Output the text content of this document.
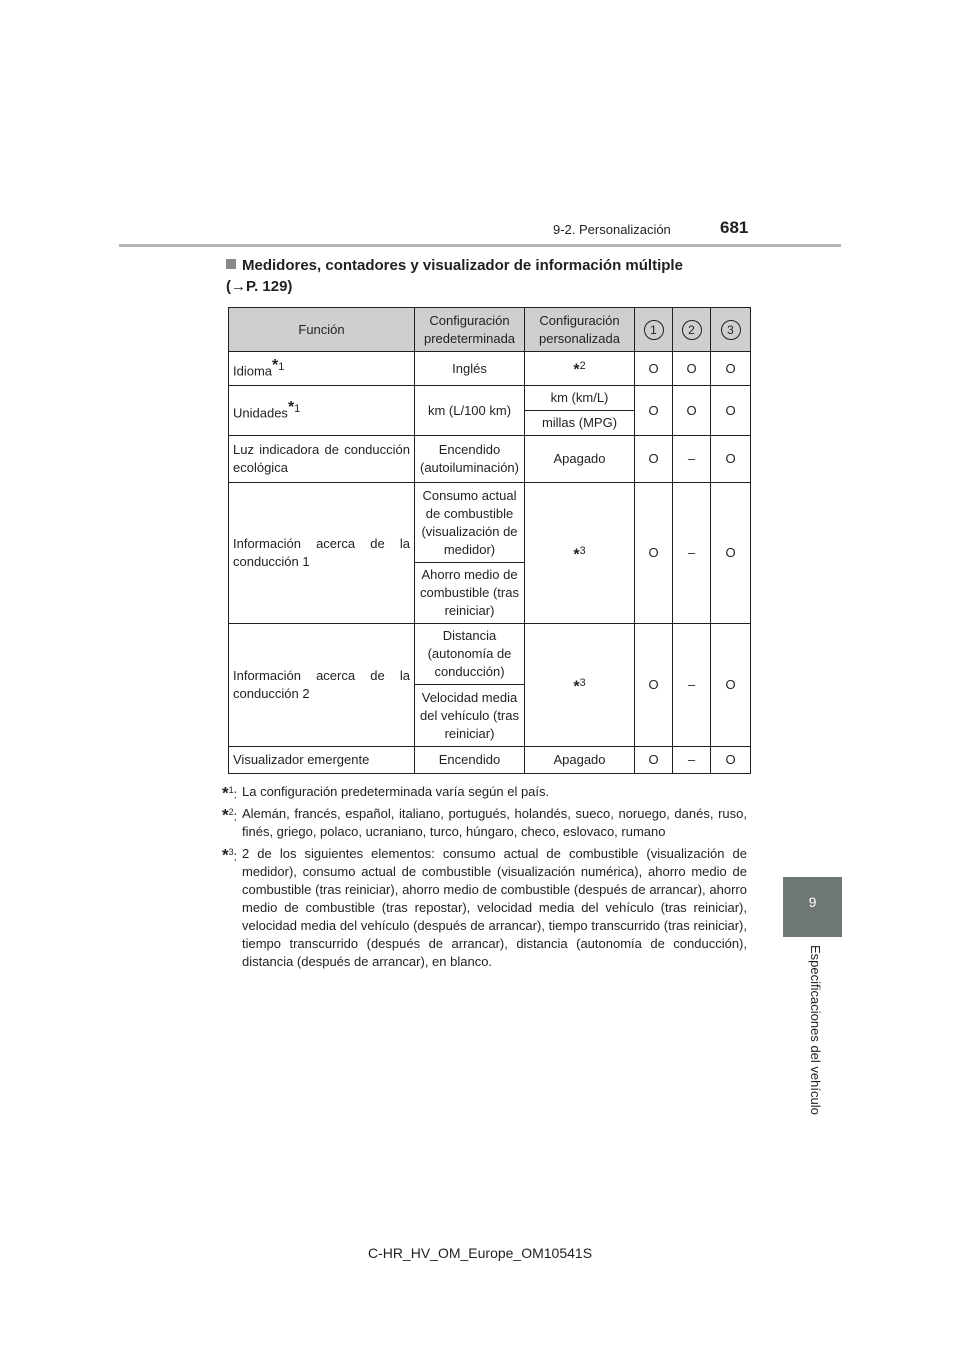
9-2. Personalización	681
9
Especificaciones del vehículo
Medidores, contadores y visualizador de información múltiple
(→P. 129)
Función	Configuración predeterminada	Configuración personalizada	1	2	3
Idioma$^{*1}$	Inglés	*$^2$	O	O	O
Unidades$^{*1}$	km (L/100 km)	km (km/L)	O	O	O
		millas (MPG)			
Luz indicadora de conducción ecológica	Encendido (autoiluminación)	Apagado	O	–	O
Información acerca de la conducción 1	Consumo actual de combustible (visualización de medidor)	*$^3$	O	–	O
	Ahorro medio de combustible (tras reiniciar)				
Información acerca de la conducción 2	Distancia (autonomía de conducción)	*$^3$	O	–	O
	Velocidad media del vehículo (tras reiniciar)				
Visualizador emergente	Encendido	Apagado	O	–	O
*$^1$: La configuración predeterminada varía según el país.
*$^2$: Alemán, francés, español, italiano, portugués, holandés, sueco, noruego, danés, ruso, finés, griego, polaco, ucraniano, turco, húngaro, checo, eslovaco, rumano
*$^3$: 2 de los siguientes elementos: consumo actual de combustible (visualización de medidor), consumo actual de combustible (visualización numérica), ahorro medio de combustible (tras reiniciar), ahorro medio de combustible (después de arrancar), ahorro medio de combustible (tras repostar), velocidad media del vehículo (tras reiniciar), velocidad media del vehículo (después de arrancar), tiempo transcurrido (tras reiniciar), tiempo transcurrido (después de arrancar), distancia (autonomía de conducción), distancia (después de arrancar), en blanco.
C-HR_HV_OM_Europe_OM10541S
